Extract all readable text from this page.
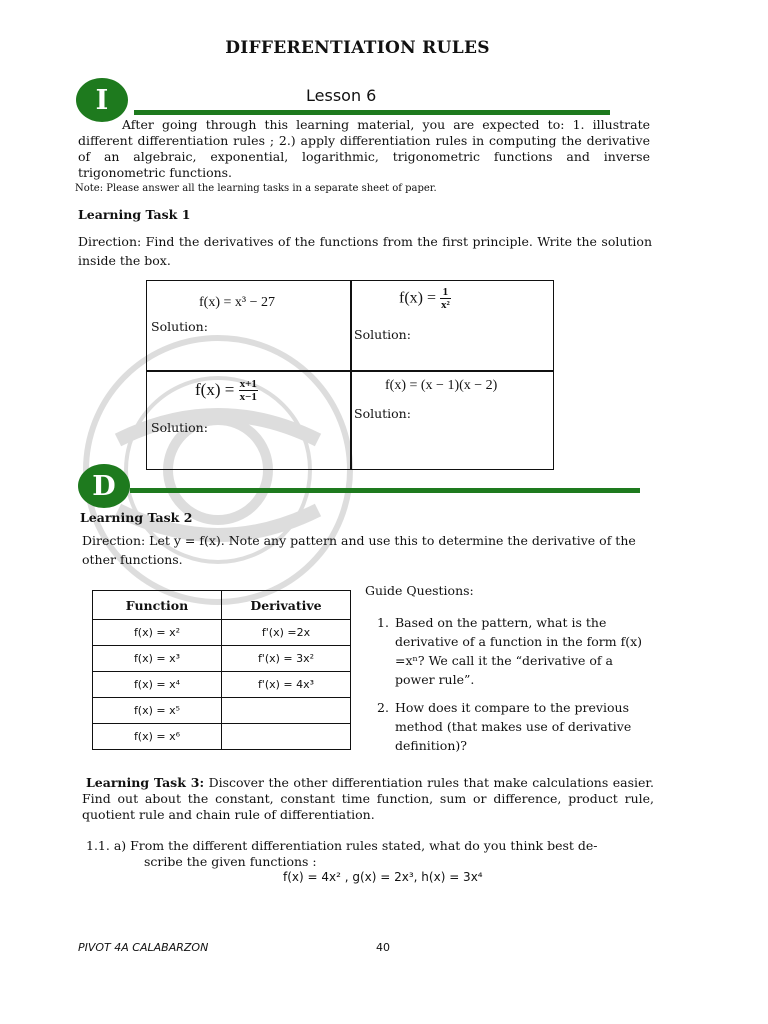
DIFFERENTIATION RULES
I	Lesson 6
After going through this learning material, you are expected to: 1. illustrate different differentiation rules ; 2.) apply differentiation rules in computing the derivative of an algebraic, exponential, logarithmic, trigonometric functions and inverse trigonometric functions.
Note: Please answer all the learning tasks in a separate sheet of paper.
Learning Task 1
Direction: Find the derivatives of the functions from the first principle. Write the solution inside the box.
f(x) = x³ − 27
Solution:
$f(x) = \frac{1}{\text{x²}}$
Solution:
$f(x) = \frac{x+1}{x-1}$
Solution:
f(x) = (x − 1)(x − 2)
Solution:
D
Learning Task 2
Direction: Let y = f(x). Note any pattern and use this to determine the derivative of the other functions.
Function	Derivative
f(x) = x²	f'(x) =2x
f(x) = x³	f'(x) = 3x²
f(x) = x⁴	f'(x) = 4x³
f(x) = x⁵	
f(x) = x⁶	
Guide Questions:
1. Based on the pattern, what is the derivative of a function in the form f(x) =xⁿ? We call it the “derivative of a power rule”.
2. How does it compare to the previous method (that makes use of derivative definition)?
Learning Task 3: Discover the other differentiation rules that make calculations easier. Find out about the constant, constant time function, sum or difference, product rule, quotient rule and chain rule of differentiation.
1.1. a) From the different differentiation rules stated, what do you think best de-
scribe the given functions :
f(x) = 4x² , g(x) = 2x³, h(x) = 3x⁴
PIVOT 4A CALABARZON	40
